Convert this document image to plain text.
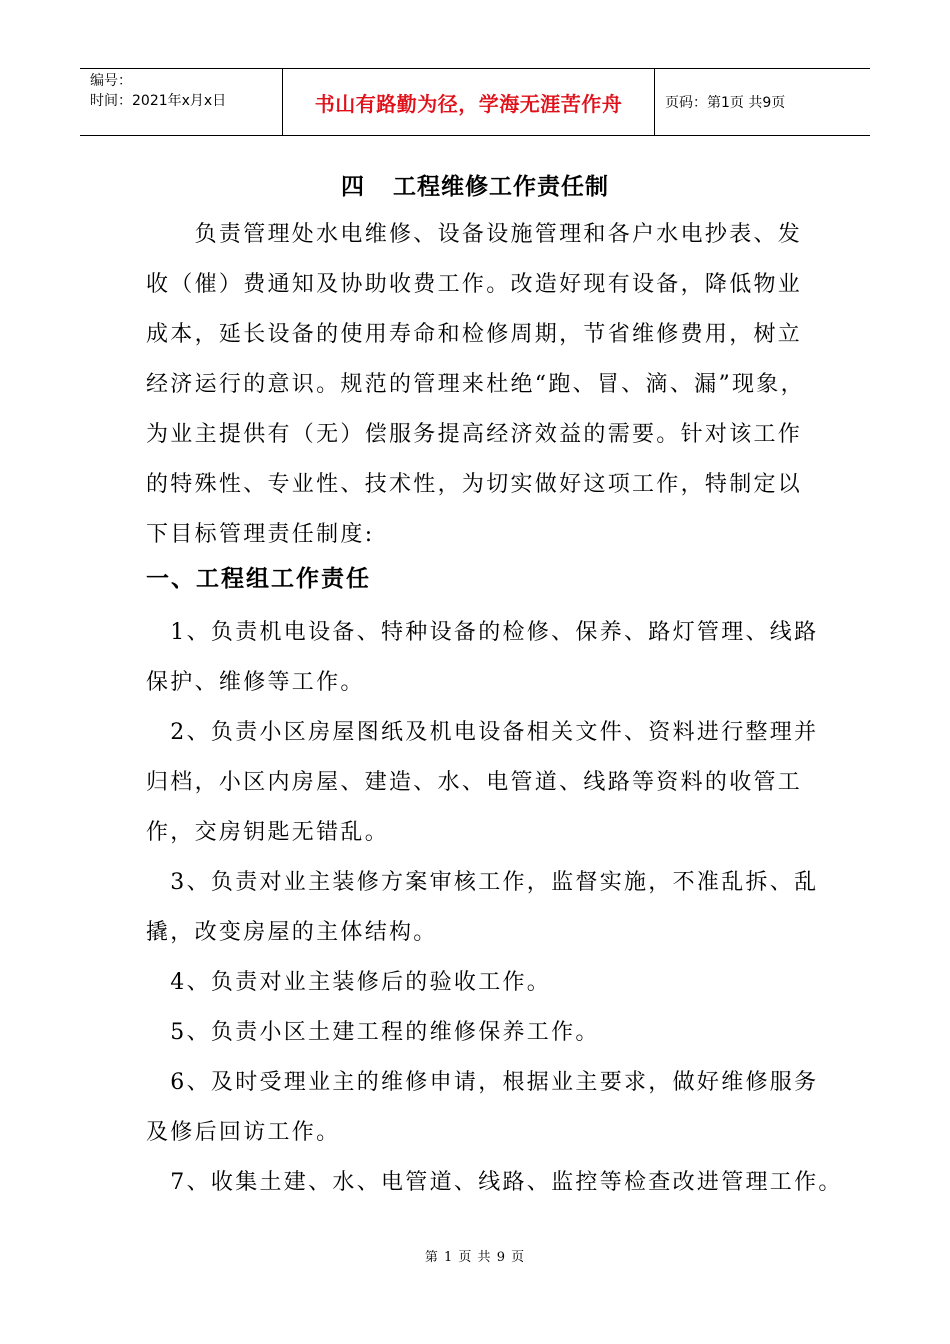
编号：
时间：2021年x月x日	书山有路勤为径，学海无涯苦作舟	页码：第1页 共9页
四 工程维修工作责任制
　　负责管理处水电维修、设备设施管理和各户水电抄表、发
收（催）费通知及协助收费工作。改造好现有设备，降低物业
成本，延长设备的使用寿命和检修周期，节省维修费用，树立
经济运行的意识。规范的管理来杜绝“跑、冒、滴、漏”现象，
为业主提供有（无）偿服务提高经济效益的需要。针对该工作
的特殊性、专业性、技术性，为切实做好这项工作，特制定以
下目标管理责任制度:
一、工程组工作责任
　1、负责机电设备、特种设备的检修、保养、路灯管理、线路
保护、维修等工作。
　2、负责小区房屋图纸及机电设备相关文件、资料进行整理并
归档，小区内房屋、建造、水、电管道、线路等资料的收管工
作，交房钥匙无错乱。
　3、负责对业主装修方案审核工作，监督实施，不准乱拆、乱
撬，改变房屋的主体结构。
　4、负责对业主装修后的验收工作。
　5、负责小区土建工程的维修保养工作。
　6、及时受理业主的维修申请，根据业主要求，做好维修服务
及修后回访工作。
　7、收集土建、水、电管道、线路、监控等检查改进管理工作。
第 1 页 共 9 页
